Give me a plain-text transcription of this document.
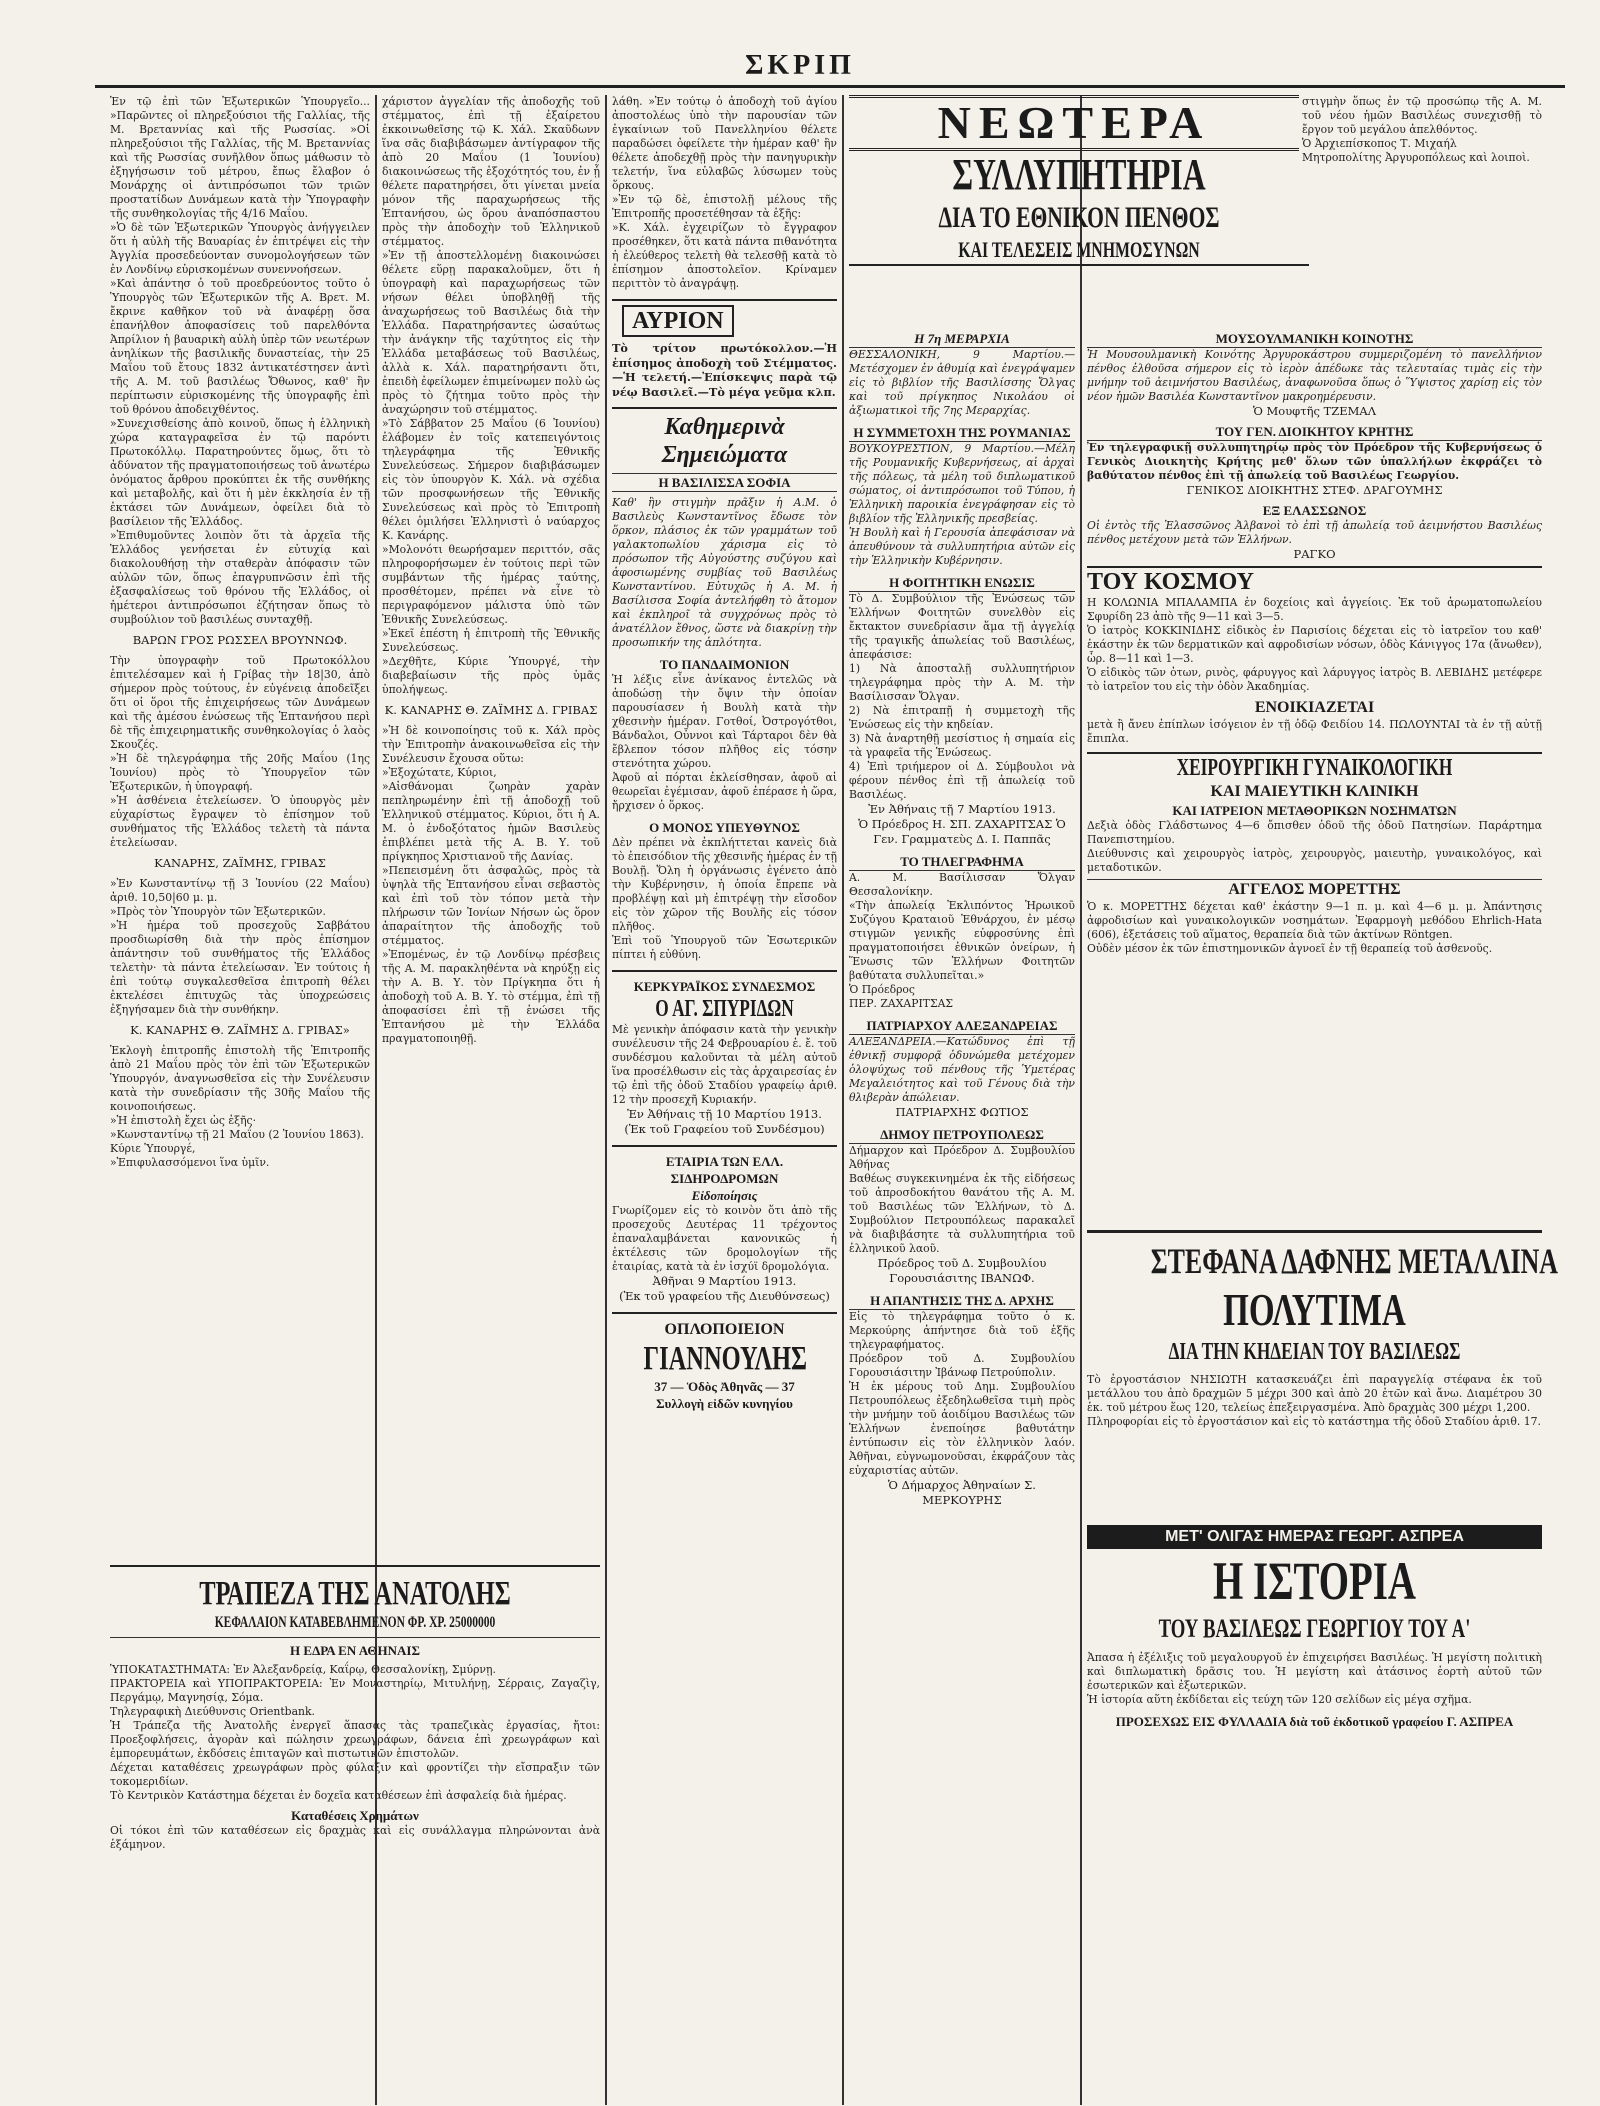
ΣΚΡΙΠ
Ἐν τῷ ἐπὶ τῶν Ἐξωτερικῶν Ὑπουργεῖο... »Παρῶντες οἱ πληρεξούσιοι τῆς Γαλλίας, τῆς Μ. Βρεταννίας καὶ τῆς Ρωσσίας. »Οἱ πληρεξούσιοι τῆς Γαλλίας, τῆς Μ. Βρεταννίας καὶ τῆς Ρωσσίας συνῆλθον ὅπως μάθωσιν τὸ ἐξηγήσωσιν τοῦ μέτρου, ἔπως ἔλαβον ὁ Μονάρχης οἱ ἀντιπρόσωποι τῶν τριῶν προστατίδων Δυνάμεων κατὰ τὴν Ὑπογραφὴν τῆς συνθηκολογίας τῆς 4/16 Μαΐου.
»Ὁ δὲ τῶν Ἐξωτερικῶν Ὑπουργὸς ἀνήγγειλεν ὅτι ἡ αὐλὴ τῆς Βαυαρίας ἐν ἐπιτρέψει εἰς τὴν Ἀγγλία προσεδεύονταν συνομολογήσεων τῶν ἐν Λονδίνῳ εὑρισκομένων συνεννοήσεων.
»Καὶ ἀπάντησ ὁ τοῦ προεδρεύοντος τοῦτο ὁ Ὑπουργὸς τῶν Ἐξωτερικῶν τῆς Α. Βρετ. Μ. ἔκρινε καθῆκον τοῦ νὰ ἀναφέρῃ ὅσα ἐπανήλθον ἀποφασίσεις τοῦ παρελθόντα Ἀπρίλιον ἡ βαυαρικὴ αὐλὴ ὑπὲρ τῶν νεωτέρων ἀνηλίκων τῆς βασιλικῆς δυναστείας, τὴν 25 Μαΐου τοῦ ἔτους 1832 ἀντικατέστησεν ἀντὶ τῆς Α. Μ. τοῦ βασιλέως Ὄθωνος, καθ' ἣν περίπτωσιν εὑρισκομένης τῆς ὑπογραφῆς ἐπὶ τοῦ θρόνου ἀποδειχθέντος.
»Συνεχισθείσης ἀπὸ κοινοῦ, ὅπως ἡ ἑλληνικὴ χώρα καταγραφεῖσα ἐν τῷ παρόντι Πρωτοκόλλῳ. Παρατηρούντες ὅμως, ὅτι τὸ ἀδύνατον τῆς πραγματοποιήσεως τοῦ ἀνωτέρω ὀνόματος ἄρθρου προκύπτει ἐκ τῆς συνθήκης καὶ μεταβολῆς, καὶ ὅτι ἡ μὲν ἐκκλησία ἐν τῇ ἐκτάσει τῶν Δυνάμεων, ὀφείλει διὰ τὸ βασίλειον τῆς Ἑλλάδος.
»Ἐπιθυμοῦντες λοιπὸν ὅτι τὰ ἀρχεῖα τῆς Ἑλλάδος γενήσεται ἐν εὐτυχίᾳ καὶ διακολουθήσῃ τὴν σταθερὰν ἀπόφασιν τῶν αὐλῶν τῶν, ὅπως ἐπαγρυπνῶσιν ἐπὶ τῆς ἐξασφαλίσεως τοῦ θρόνου τῆς Ἑλλάδος, οἱ ἡμέτεροι ἀντιπρόσωποι ἐζήτησαν ὅπως τὸ συμβούλιον τοῦ βασιλέως συνταχθῇ.
ΒΑΡΩΝ ΓΡΟΣ ΡΩΣΣΕΛ ΒΡΟΥΝΝΩΦ.
Τὴν ὑπογραφὴν τοῦ Πρωτοκόλλου ἐπιτελέσαμεν καὶ ἡ Γρίβας τὴν 18|30, ἀπὸ σήμερον πρὸς τούτους, ἐν εὐγένειᾳ ἀποδεῖξει ὅτι οἱ ὅροι τῆς ἐπιχειρήσεως τῶν Δυνάμεων καὶ τῆς ἀμέσου ἐνώσεως τῆς Ἑπτανήσου περὶ δὲ τῆς ἐπιχειρηματικῆς συνθηκολογίας ὁ λαὸς Σκουζές.
»Ἡ δὲ τηλεγράφημα τῆς 20ῆς Μαΐου (1ης Ἰουνίου) πρὸς τὸ Ὑπουργεῖον τῶν Ἐξωτερικῶν, ἡ ὑπογραφή.
»Ἡ ἀσθένεια ἐτελείωσεν. Ὁ ὑπουργὸς μὲν εὐχαρίστως ἔγραψεν τὸ ἐπίσημον τοῦ συνθήματος τῆς Ἑλλάδος τελετὴ τὰ πάντα ἐτελείωσαν.
ΚΑΝΑΡΗΣ, ΖΑΪΜΗΣ, ΓΡΙΒΑΣ
»Ἐν Κωνσταντίνῳ τῇ 3 Ἰουνίου (22 Μαΐου) ἀριθ. 10,50|60 μ. μ.
»Πρὸς τὸν Ὑπουργὸν τῶν Ἐξωτερικῶν.
»Ἡ ἡμέρα τοῦ προσεχοῦς Σαββάτου προσδιωρίσθη διὰ τὴν πρὸς ἐπίσημον ἀπάντησιν τοῦ συνθήματος τῆς Ἑλλάδος τελετὴν· τὰ πάντα ἐτελείωσαν. Ἐν τούτοις ἡ ἐπὶ τούτῳ συγκαλεσθεῖσα ἐπιτροπὴ θέλει ἐκτελέσει ἐπιτυχῶς τὰς ὑποχρεώσεις ἐξηγήσαμεν διὰ τὴν συνθήκην.
Κ. ΚΑΝΑΡΗΣ Θ. ΖΑΪΜΗΣ Δ. ΓΡΙΒΑΣ»
Ἐκλογὴ ἐπιτροπῆς ἐπιστολὴ τῆς Ἐπιτροπῆς ἀπὸ 21 Μαΐου πρὸς τὸν ἐπὶ τῶν Ἐξωτερικῶν Ὑπουργόν, ἀναγνωσθεῖσα εἰς τὴν Συνέλευσιν κατὰ τὴν συνεδρίασιν τῆς 30ῆς Μαΐου τῆς κοινοποιήσεως.
»Ἡ ἐπιστολὴ ἔχει ὡς ἑξῆς·
»Κωνσταντίνῳ τῇ 21 Μαΐου (2 Ἰουνίου 1863).
Κύριε Ὑπουργέ,
»Ἐπιφυλασσόμενοι ἵνα ὑμῖν.
χάριστον ἀγγελίαν τῆς ἀποδοχῆς τοῦ στέμματος, ἐπὶ τῇ ἐξαίρετου ἐκκοινωθεῖσης τῷ Κ. Χάλ. Σκαῦδωνν ἵνα σᾶς διαβιβάσωμεν ἀντίγραφον τῆς ἀπὸ 20 Μαΐου (1 Ἰουνίου) διακοινώσεως τῆς ἐξοχότητός του, ἐν ᾗ θέλετε παρατηρήσει, ὅτι γίνεται μνεία μόνον τῆς παραχωρήσεως τῆς Ἑπτανήσου, ὡς ὅρου ἀναπόσπαστου πρὸς τὴν ἀποδοχὴν τοῦ Ἑλληνικοῦ στέμματος.
»Ἐν τῇ ἀποστελλομένῃ διακοινώσει θέλετε εὕρῃ παρακαλοῦμεν, ὅτι ἡ ὑπογραφὴ καὶ παραχωρήσεως τῶν νήσων θέλει ὑποβληθῇ τῆς ἀναχωρήσεως τοῦ Βασιλέως διὰ τὴν Ἑλλάδα. Παρατηρήσαντες ὡσαύτως τὴν ἀνάγκην τῆς ταχύτητος εἰς τὴν Ἑλλάδα μεταβάσεως τοῦ Βασιλέως, ἀλλὰ κ. Χάλ. παρατηρήσαντι ὅτι, ἐπειδὴ ἐφείλωμεν ἐπιμείνωμεν πολὺ ὡς πρὸς τὸ ζήτημα τοῦτο πρὸς τὴν ἀναχώρησιν τοῦ στέμματος.
»Τὸ Σάββατον 25 Μαΐου (6 Ἰουνίου) ἐλάβομεν ἐν τοῖς κατεπειγόντοις τηλεγράφημα τῆς Ἐθνικῆς Συνελεύσεως. Σήμερον διαβιβάσωμεν εἰς τὸν ὑπουργὸν Κ. Χάλ. νὰ σχέδια τῶν προσφωνήσεων τῆς Ἐθνικῆς Συνελεύσεως καὶ πρὸς τὸ Ἐπιτροπὴ θέλει ὁμιλήσει Ἑλληνιστὶ ὁ ναύαρχος Κ. Κανάρης.
»Μολονότι θεωρήσαμεν περιττόν, σᾶς πληροφορήσωμεν ἐν τούτοις περὶ τῶν συμβάντων τῆς ἡμέρας ταύτης, προσθέτομεν, πρέπει νὰ εἶνε τὸ περιγραφόμενον μάλιστα ὑπὸ τῶν Ἐθνικῆς Συνελεύσεως.
»Ἐκεῖ ἐπέστη ἡ ἐπιτροπὴ τῆς Ἐθνικῆς Συνελεύσεως.
»Δεχθῆτε, Κύριε Ὑπουργέ, τὴν διαβεβαίωσιν τῆς πρὸς ὑμᾶς ὑπολήψεως.
Κ. ΚΑΝΑΡΗΣ Θ. ΖΑΪΜΗΣ Δ. ΓΡΙΒΑΣ
»Ἡ δὲ κοινοποίησις τοῦ κ. Χάλ πρὸς τὴν Ἐπιτροπὴν ἀνακοινωθεῖσα εἰς τὴν Συνέλευσιν ἔχουσα οὕτω:
»Ἐξοχώτατε, Κύριοι,
»Αἰσθάνομαι ζωηρὰν χαρὰν πεπληρωμένην ἐπὶ τῇ ἀποδοχῇ τοῦ Ἑλληνικοῦ στέμματος. Κύριοι, ὅτι ἡ Α. Μ. ὁ ἐνδοξότατος ἡμῶν Βασιλεὺς ἐπιβλέπει μετὰ τῆς Α. Β. Υ. τοῦ πρίγκηπος Χριστιανοῦ τῆς Δανίας.
»Πεπεισμένη ὅτι ἀσφαλῶς, πρὸς τὰ ὑψηλὰ τῆς Ἑπτανήσου εἶναι σεβαστὸς καὶ ἐπὶ τοῦ τὸν τόπον μετὰ τὴν πλήρωσιν τῶν Ἰονίων Νήσων ὡς ὅρον ἀπαραίτητον τῆς ἀποδοχῆς τοῦ στέμματος.
»Ἐπομένως, ἐν τῷ Λονδίνῳ πρέσβεις τῆς Α. Μ. παρακληθέντα νὰ κηρύξῃ εἰς τὴν Α. Β. Υ. τὸν Πρίγκηπα ὅτι ἡ ἀποδοχὴ τοῦ Α. Β. Υ. τὸ στέμμα, ἐπὶ τῇ ἀποφασίσει ἐπὶ τῇ ἑνώσει τῆς Ἑπτανήσου μὲ τὴν Ἑλλάδα πραγματοποιηθῇ.
ΤΡΑΠΕΖΑ ΤΗΣ ΑΝΑΤΟΛΗΣ
ΚΕΦΑΛΑΙΟΝ ΚΑΤΑΒΕΒΛΗΜΕΝΟΝ ΦΡ. ΧΡ. 25000000
Η ΕΔΡΑ ΕΝ ΑΘΗΝΑΙΣ
ὙΠΟΚΑΤΑΣΤΗΜΑΤΑ: Ἐν Ἀλεξανδρείᾳ, Καΐρῳ, Θεσσαλονίκῃ, Σμύρνῃ.
ΠΡΑΚΤΟΡΕΙΑ καὶ ΥΠΟΠΡΑΚΤΟΡΕΙΑ: Ἐν Μοναστηρίῳ, Μιτυλήνῃ, Σέρραις, Ζαγαζὶγ, Περγάμῳ, Μαγνησίᾳ, Σόμα.
Τηλεγραφικὴ Διεύθυνσις Orientbank.
Ἡ Τράπεζα τῆς Ἀνατολῆς ἐνεργεῖ ἅπασας τὰς τραπεζικὰς ἐργασίας, ἤτοι: Προεξοφλήσεις, ἀγορὰν καὶ πώλησιν χρεωγράφων, δάνεια ἐπὶ χρεωγράφων καὶ ἐμπορευμάτων, ἐκδόσεις ἐπιταγῶν καὶ πιστωτικῶν ἐπιστολῶν.
Δέχεται καταθέσεις χρεωγράφων πρὸς φύλαξιν καὶ φροντίζει τὴν εἴσπραξιν τῶν τοκομεριδίων.
Τὸ Κεντρικὸν Κατάστημα δέχεται ἐν δοχεῖα καταθέσεων ἐπὶ ἀσφαλείᾳ διὰ ἡμέρας.
Καταθέσεις Χρημάτων
Οἱ τόκοι ἐπὶ τῶν καταθέσεων εἰς δραχμὰς καὶ εἰς συνάλλαγμα πληρώνονται ἀνὰ ἑξάμηνον.
λάθη. »Ἐν τούτῳ ὁ ἀποδοχὴ τοῦ ἁγίου ἀποστολέως ὑπὸ τὴν παρουσίαν τῶν ἐγκαίνιων τοῦ Πανελληνίου θέλετε παραδώσει ὀφείλετε τὴν ἡμέραν καθ' ἣν θέλετε ἀποδεχθῇ πρὸς τὴν πανηγυρικὴν τελετήν, ἵνα εὐλαβῶς λύσωμεν τοὺς ὅρκους.
»Ἐν τῷ δὲ, ἐπιστολῇ μέλους τῆς Ἐπιτροπῆς προσετέθησαν τὰ ἑξῆς:
»Κ. Χάλ. ἐγχειρίζων τὸ ἔγγραφον προσέθηκεν, ὅτι κατὰ πάντα πιθανότητα ἡ ἐλεύθερος τελετὴ θὰ τελεσθῇ κατὰ τὸ ἐπίσημον ἀποστολεῖον. Κρίναμεν περιττὸν τὸ ἀναγράψῃ.
ΑΥΡΙΟΝ
Τὸ τρίτον πρωτόκολλον.—Ἡ ἐπίσημος ἀποδοχὴ τοῦ Στέμματος.—Ἡ τελετή.—Ἐπίσκεψις παρὰ τῷ νέῳ Βασιλεῖ.—Τὸ μέγα γεῦμα κλπ.
Καθημερινὰ Σημειώματα
Η ΒΑΣΙΛΙΣΣΑ ΣΟΦΙΑ
Καθ' ἣν στιγμὴν πρᾶξιν ἡ Α.Μ. ὁ Βασιλεὺς Κωνσταντῖνος ἔδωσε τὸν ὅρκον, πλάσιος ἐκ τῶν γραμμάτων τοῦ γαλακτοπωλίου χάρισμα εἰς τὸ πρόσωπον τῆς Αὐγούστης συζύγου καὶ ἀφοσιωμένης συμβίας τοῦ Βασιλέως Κωνσταντίνου. Εὐτυχῶς ἡ Α. Μ. ἡ Βασίλισσα Σοφία ἀντελήφθη τὸ ἄτομον καὶ ἐκπληροῖ τὰ συγχρόνως πρὸς τὸ ἀνατέλλον ἔθνος, ὥστε νὰ διακρίνῃ τὴν προσωπικήν της ἁπλότητα.
ΤΟ ΠΑΝΔΑΙΜΟΝΙΟΝ
Ἡ λέξις εἶνε ἀνίκανος ἐντελῶς νὰ ἀποδώσῃ τὴν ὄψιν τὴν ὁποίαν παρουσίασεν ἡ Βουλὴ κατὰ τὴν χθεσινὴν ἡμέραν. Γοτθοί, Ὀστρογότθοι, Βάνδαλοι, Οὖννοι καὶ Τάρταροι δὲν θὰ ἔβλεπον τόσον πλῆθος εἰς τόσην στενότητα χώρου.
Ἀφοῦ αἱ πόρται ἐκλείσθησαν, ἀφοῦ αἱ θεωρεῖαι ἐγέμισαν, ἀφοῦ ἐπέρασε ἡ ὥρα, ἤρχισεν ὁ ὅρκος.
Ο ΜΟΝΟΣ ΥΠΕΥΘΥΝΟΣ
Δὲν πρέπει νὰ ἐκπλήττεται κανεὶς διὰ τὸ ἐπεισόδιον τῆς χθεσινῆς ἡμέρας ἐν τῇ Βουλῇ. Ὅλη ἡ ὀργάνωσις ἐγένετο ἀπὸ τὴν Κυβέρνησιν, ἡ ὁποία ἔπρεπε νὰ προβλέψῃ καὶ μὴ ἐπιτρέψῃ τὴν εἴσοδον εἰς τὸν χῶρον τῆς Βουλῆς εἰς τόσον πλῆθος.
Ἐπὶ τοῦ Ὑπουργοῦ τῶν Ἐσωτερικῶν πίπτει ἡ εὐθύνη.
ΚΕΡΚΥΡΑΪΚΟΣ ΣΥΝΔΕΣΜΟΣ
Ο ΑΓ. ΣΠΥΡΙΔΩΝ
Μὲ γενικὴν ἀπόφασιν κατὰ τὴν γενικὴν συνέλευσιν τῆς 24 Φεβρουαρίου ἐ. ἔ. τοῦ συνδέσμου καλοῦνται τὰ μέλη αὐτοῦ ἵνα προσέλθωσιν εἰς τὰς ἀρχαιρεσίας ἐν τῷ ἐπὶ τῆς ὁδοῦ Σταδίου γραφείῳ ἀριθ. 12 τὴν προσεχῆ Κυριακήν.
Ἐν Ἀθήναις τῇ 10 Μαρτίου 1913.
(Ἐκ τοῦ Γραφείου τοῦ Συνδέσμου)
ΕΤΑΙΡΙΑ ΤΩΝ ΕΛΛ. ΣΙΔΗΡΟΔΡΟΜΩΝ
Εἰδοποίησις
Γνωρίζομεν εἰς τὸ κοινὸν ὅτι ἀπὸ τῆς προσεχοῦς Δευτέρας 11 τρέχοντος ἐπαναλαμβάνεται κανονικῶς ἡ ἐκτέλεσις τῶν δρομολογίων τῆς ἐταιρίας, κατὰ τὰ ἐν ἰσχύϊ δρομολόγια.
Ἀθῆναι 9 Μαρτίου 1913.
(Ἐκ τοῦ γραφείου τῆς Διευθύνσεως)
ΟΠΛΟΠΟΙΕΙΟΝ
ΓΙΑΝΝΟΥΛΗΣ
37 — Ὁδὸς Ἀθηνᾶς — 37
Συλλογὴ εἰδῶν κυνηγίου
ΝΕΩΤΕΡΑ
ΣΥΛΛΥΠΗΤΗΡΙΑ
ΔΙΑ ΤΟ ΕΘΝΙΚΟΝ ΠΕΝΘΟΣ
ΚΑΙ ΤΕΛΕΣΕΙΣ ΜΝΗΜΟΣΥΝΩΝ
Η 7η ΜΕΡΑΡΧΙΑ
ΘΕΣΣΑΛΟΝΙΚΗ, 9 Μαρτίου.—Μετέσχομεν ἐν ἀθυμίᾳ καὶ ἐνεγράψαμεν εἰς τὸ βιβλίον τῆς Βασιλίσσης Ὄλγας καὶ τοῦ πρίγκηπος Νικολάου οἱ ἀξιωματικοὶ τῆς 7ης Μεραρχίας.
Η ΣΥΜΜΕΤΟΧΗ ΤΗΣ ΡΟΥΜΑΝΙΑΣ
ΒΟΥΚΟΥΡΕΣΤΙΟΝ, 9 Μαρτίου.—Μέλη τῆς Ρουμανικῆς Κυβερνήσεως, αἱ ἀρχαὶ τῆς πόλεως, τὰ μέλη τοῦ διπλωματικοῦ σώματος, οἱ ἀντιπρόσωποι τοῦ Τύπου, ἡ Ἑλληνικὴ παροικία ἐνεγράφησαν εἰς τὸ βιβλίον τῆς Ἑλληνικῆς πρεσβείας.
Ἡ Βουλὴ καὶ ἡ Γερουσία ἀπεφάσισαν νὰ ἀπευθύνουν τὰ συλλυπητήρια αὐτῶν εἰς τὴν Ἑλληνικὴν Κυβέρνησιν.
Η ΦΟΙΤΗΤΙΚΗ ΕΝΩΣΙΣ
Τὸ Δ. Συμβούλιον τῆς Ἐνώσεως τῶν Ἑλλήνων Φοιτητῶν συνελθὸν εἰς ἔκτακτον συνεδρίασιν ἅμα τῇ ἀγγελίᾳ τῆς τραγικῆς ἀπωλείας τοῦ Βασιλέως, ἀπεφάσισε:
1) Νὰ ἀποσταλῇ συλλυπητήριον τηλεγράφημα πρὸς τὴν Α. Μ. τὴν Βασίλισσαν Ὄλγαν.
2) Νὰ ἐπιτραπῇ ἡ συμμετοχὴ τῆς Ἑνώσεως εἰς τὴν κηδείαν.
3) Νὰ ἀναρτηθῇ μεσίστιος ἡ σημαία εἰς τὰ γραφεῖα τῆς Ἑνώσεως.
4) Ἐπὶ τριήμερον οἱ Δ. Σύμβουλοι νὰ φέρουν πένθος ἐπὶ τῇ ἀπωλείᾳ τοῦ Βασιλέως.
Ἐν Ἀθήναις τῇ 7 Μαρτίου 1913.
Ὁ Πρόεδρος Η. ΣΠ. ΖΑΧΑΡΙΤΣΑΣ Ὁ Γεν. Γραμματεὺς Δ. Ι. Παππᾶς
ΤΟ ΤΗΛΕΓΡΑΦΗΜΑ
Α. Μ. Βασίλισσαν Ὄλγαν Θεσσαλονίκην.
«Τὴν ἀπωλείᾳ Ἐκλιπόντος Ἡρωικοῦ Συζύγου Κραταιοῦ Ἐθνάρχου, ἐν μέσῳ στιγμῶν γενικῆς εὐφροσύνης ἐπὶ πραγματοποιήσει ἐθνικῶν ὀνείρων, ἡ Ἕνωσις τῶν Ἑλλήνων Φοιτητῶν βαθύτατα συλλυπεῖται.»
Ὁ Πρόεδρος
ΠΕΡ. ΖΑΧΑΡΙΤΣΑΣ
ΠΑΤΡΙΑΡΧΟΥ ΑΛΕΞΑΝΔΡΕΙΑΣ
ΑΛΕΞΑΝΔΡΕΙΑ.—Κατώδυνος ἐπὶ τῇ ἐθνικῇ συμφορᾷ ὁδυνώμεθα μετέχομεν ὁλοψύχως τοῦ πένθους τῆς Ὑμετέρας Μεγαλειότητος καὶ τοῦ Γένους διὰ τὴν θλιβερὰν ἀπώλειαν.
ΠΑΤΡΙΑΡΧΗΣ ΦΩΤΙΟΣ
ΔΗΜΟΥ ΠΕΤΡΟΥΠΟΛΕΩΣ
Δήμαρχον καὶ Πρόεδρον Δ. Συμβουλίου Ἀθήνας
Βαθέως συγκεκινημένα ἐκ τῆς εἰδήσεως τοῦ ἀπροσδοκήτου θανάτου τῆς Α. Μ. τοῦ Βασιλέως τῶν Ἑλλήνων, τὸ Δ. Συμβούλιον Πετρουπόλεως παρακαλεῖ νὰ διαβιβάσητε τὰ συλλυπητήρια τοῦ ἑλληνικοῦ λαοῦ.
Πρόεδρος τοῦ Δ. Συμβουλίου Γορουσιάσιτης ΙΒΑΝΩΦ.
Η ΑΠΑΝΤΗΣΙΣ ΤΗΣ Δ. ΑΡΧΗΣ
Εἰς τὸ τηλεγράφημα τοῦτο ὁ κ. Μερκούρης ἀπήντησε διὰ τοῦ ἑξῆς τηλεγραφήματος.
Πρόεδρον τοῦ Δ. Συμβουλίου Γορουσιάσιτην Ἰβάνωφ Πετρούπολιν.
Ἡ ἐκ μέρους τοῦ Δημ. Συμβουλίου Πετρουπόλεως ἐξεδηλωθεῖσα τιμὴ πρὸς τὴν μνήμην τοῦ ἀοιδίμου Βασιλέως τῶν Ἑλλήνων ἐνεποίησε βαθυτάτην ἐντύπωσιν εἰς τὸν ἑλληνικὸν λαόν. Ἀθῆναι, εὐγνωμονοῦσαι, ἐκφράζουν τὰς εὐχαριστίας αὐτῶν.
Ὁ Δήμαρχος Ἀθηναίων Σ. ΜΕΡΚΟΥΡΗΣ
στιγμὴν ὅπως ἐν τῷ προσώπῳ τῆς Α. Μ. τοῦ νέου ἡμῶν Βασιλέως συνεχισθῇ τὸ ἔργον τοῦ μεγάλου ἀπελθόντος.
Ὁ Ἀρχιεπίσκοπος Τ. Μιχαήλ
Μητροπολίτης Ἀργυροπόλεως καὶ λοιποὶ.
ΜΟΥΣΟΥΛΜΑΝΙΚΗ ΚΟΙΝΟΤΗΣ
Ἡ Μουσουλμανικὴ Κοινότης Ἀργυροκάστρου συμμεριζομένη τὸ πανελλήνιον πένθος ἐλθοῦσα σήμερον εἰς τὸ ἱερὸν ἀπέδωκε τὰς τελευταίας τιμὰς εἰς τὴν μνήμην τοῦ ἀειμνήστου Βασιλέως, ἀναφωνοῦσα ὅπως ὁ Ὕψιστος χαρίσῃ εἰς τὸν νέον ἡμῶν Βασιλέα Κωνσταντῖνον μακροημέρευσιν.
Ὁ Μουφτῆς ΤΖΕΜΑΛ
ΤΟΥ ΓΕΝ. ΔΙΟΙΚΗΤΟΥ ΚΡΗΤΗΣ
Ἐν τηλεγραφικῇ συλλυπητηρίῳ πρὸς τὸν Πρόεδρον τῆς Κυβερνήσεως ὁ Γενικὸς Διοικητὴς Κρήτης μεθ' ὅλων τῶν ὑπαλλήλων ἐκφράζει τὸ βαθύτατον πένθος ἐπὶ τῇ ἀπωλείᾳ τοῦ Βασιλέως Γεωργίου.
ΓΕΝΙΚΟΣ ΔΙΟΙΚΗΤΗΣ ΣΤΕΦ. ΔΡΑΓΟΥΜΗΣ
ΕΞ ΕΛΑΣΣΩΝΟΣ
Οἱ ἐντὸς τῆς Ἐλασσῶνος Ἀλβανοὶ τὸ ἐπὶ τῇ ἀπωλείᾳ τοῦ ἀειμνήστου Βασιλέως πένθος μετέχουν μετὰ τῶν Ἑλλήνων.
ΡΑΓΚΟ
ΤΟΥ ΚΟΣΜΟΥ
Η ΚΟΛΩΝΙΑ ΜΠΑΛΑΜΠΑ ἐν δοχείοις καὶ ἀγγείοις. Ἐκ τοῦ ἀρωματοπωλείου Σφυρίδη 23 ἀπὸ τῆς 9—11 καὶ 3—5.
Ὁ ἰατρὸς ΚΟΚΚΙΝΙΔΗΣ εἰδικὸς ἐν Παρισίοις δέχεται εἰς τὸ ἰατρεῖον του καθ' ἑκάστην ἐκ τῶν δερματικῶν καὶ αφροδισίων νόσων, ὁδὸς Κάνιγγος 17α (ἄνωθεν), ὧρ. 8—11 καὶ 1—3.
Ὁ εἰδικὸς τῶν ὀτων, ρινὸς, φάρυγγος καὶ λάρυγγος ἰατρὸς Β. ΛΕΒΙΔΗΣ μετέφερε τὸ ἰατρεῖον του εἰς τὴν ὁδὸν Ἀκαδημίας.
ΕΝΟΙΚΙΑΖΕΤΑΙ
μετὰ ἢ ἄνευ ἐπίπλων ἰσόγειον ἐν τῇ ὁδῷ Φειδίου 14. ΠΩΛΟΥΝΤΑΙ τὰ ἐν τῇ αὐτῇ ἔπιπλα.
ΧΕΙΡΟΥΡΓΙΚΗ ΓΥΝΑΙΚΟΛΟΓΙΚΗ
ΚΑΙ ΜΑΙΕΥΤΙΚΗ ΚΛΙΝΙΚΗ
ΚΑΙ ΙΑΤΡΕΙΟΝ ΜΕΤΑΘΟΡΙΚΩΝ ΝΟΣΗΜΑΤΩΝ
Δεξιὰ ὁδὸς Γλάδστωνος 4—6 ὄπισθεν ὁδοῦ τῆς ὁδοῦ Πατησίων. Παράρτημα Πανεπιστημίου.
Διεύθυνσις καὶ χειρουργὸς ἰατρὸς, χειρουργὸς, μαιευτὴρ, γυναικολόγος, καὶ μεταδοτικῶν.
ΑΓΓΕΛΟΣ ΜΟΡΕΤΤΗΣ
Ὁ κ. ΜΟΡΕΤΤΗΣ δέχεται καθ' ἑκάστην 9—1 π. μ. καὶ 4—6 μ. μ. Ἀπάντησις ἀφροδισίων καὶ γυναικολογικῶν νοσημάτων. Ἐφαρμογὴ μεθόδου Ehrlich-Hata (606), ἑξετάσεις τοῦ αἵματος, θεραπεία διὰ τῶν ἀκτίνων Röntgen.
Οὐδὲν μέσον ἐκ τῶν ἐπιστημονικῶν ἀγνοεῖ ἐν τῇ θεραπείᾳ τοῦ ἀσθενοῦς.
ΣΤΕΦΑΝΑ ΔΑΦΝΗΣ ΜΕΤΑΛΛΙΝΑ
ΠΟΛΥΤΙΜΑ
ΔΙΑ ΤΗΝ ΚΗΔΕΙΑΝ ΤΟΥ ΒΑΣΙΛΕΩΣ
Τὸ ἐργοστάσιον ΝΗΣΙΩΤΗ κατασκευάζει ἐπὶ παραγγελίᾳ στέφανα ἐκ τοῦ μετάλλου του ἀπὸ δραχμῶν 5 μέχρι 300 καὶ ἀπὸ 20 ἐτῶν καὶ ἄνω. Διαμέτρου 30 ἑκ. τοῦ μέτρου ἕως 120, τελείως ἐπεξειργασμένα. Ἀπὸ δραχμὰς 300 μέχρι 1,200.
Πληροφορίαι εἰς τὸ ἐργοστάσιον καὶ εἰς τὸ κατάστημα τῆς ὁδοῦ Σταδίου ἀριθ. 17.
ΜΕΤ' ΟΛΙΓΑΣ ΗΜΕΡΑΣ ΓΕΩΡΓ. ΑΣΠΡΕΑ
Η ΙΣΤΟΡΙΑ
ΤΟΥ ΒΑΣΙΛΕΩΣ ΓΕΩΡΓΙΟΥ ΤΟΥ Α'
Ἀπασα ἡ ἐξέλιξις τοῦ μεγαλουργοῦ ἐν ἐπιχειρήσει Βασιλέως. Ἡ μεγίστη πολιτικὴ καὶ διπλωματικὴ δρᾶσις του. Ἡ μεγίστη καὶ ἀτάσινος ἑορτὴ αὐτοῦ τῶν ἐσωτερικῶν καὶ ἐξωτερικῶν.
Ἡ ἱστορία αὕτη ἐκδίδεται εἰς τεύχη τῶν 120 σελίδων εἰς μέγα σχῆμα.
ΠΡΟΣΕΧΩΣ ΕΙΣ ΦΥΛΛΑΔΙΑ διὰ τοῦ ἐκδοτικοῦ γραφείου Γ. ΑΣΠΡΕΑ
